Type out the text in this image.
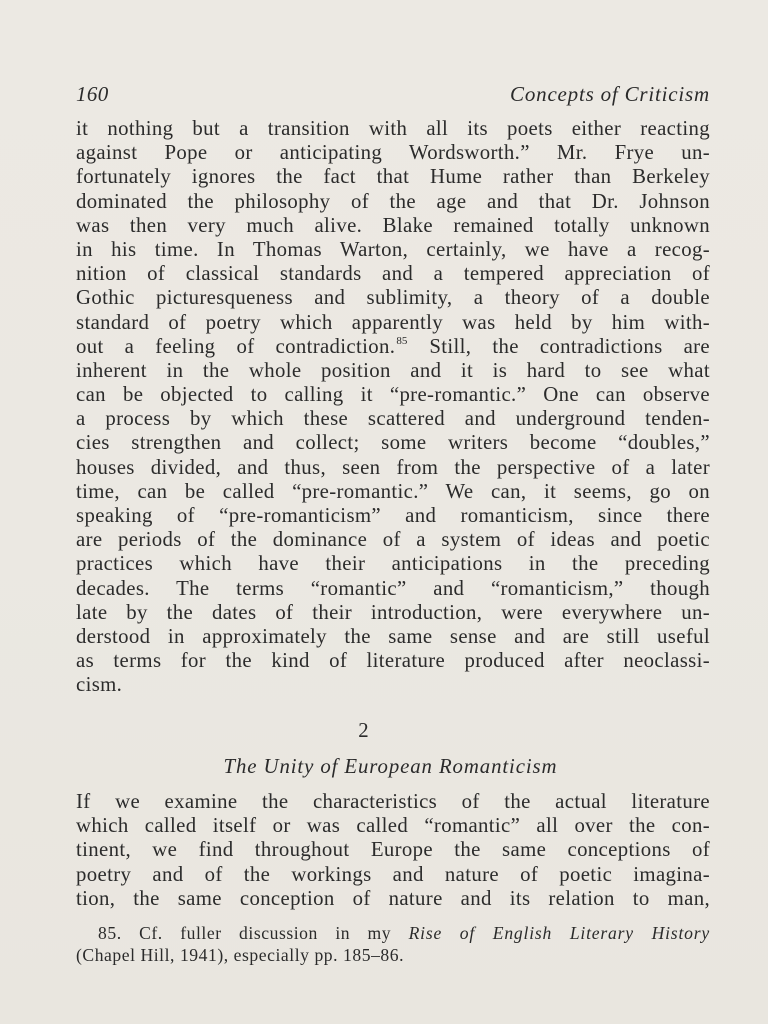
160	Concepts of Criticism
it nothing but a transition with all its poets either reacting
against Pope or anticipating Wordsworth.” Mr. Frye un-
fortunately ignores the fact that Hume rather than Berkeley
dominated the philosophy of the age and that Dr. Johnson
was then very much alive. Blake remained totally unknown
in his time. In Thomas Warton, certainly, we have a recog-
nition of classical standards and a tempered appreciation of
Gothic picturesqueness and sublimity, a theory of a double
standard of poetry which apparently was held by him with-
out a feeling of contradiction.$^{85}$ Still, the contradictions are
inherent in the whole position and it is hard to see what
can be objected to calling it “pre-romantic.” One can observe
a process by which these scattered and underground tenden-
cies strengthen and collect; some writers become “doubles,”
houses divided, and thus, seen from the perspective of a later
time, can be called “pre-romantic.” We can, it seems, go on
speaking of “pre-romanticism” and romanticism, since there
are periods of the dominance of a system of ideas and poetic
practices which have their anticipations in the preceding
decades. The terms “romantic” and “romanticism,” though
late by the dates of their introduction, were everywhere un-
derstood in approximately the same sense and are still useful
as terms for the kind of literature produced after neoclassi-
cism.
2
The Unity of European Romanticism
If we examine the characteristics of the actual literature
which called itself or was called “romantic” all over the con-
tinent, we find throughout Europe the same conceptions of
poetry and of the workings and nature of poetic imagina-
tion, the same conception of nature and its relation to man,
85. Cf. fuller discussion in my Rise of English Literary History
(Chapel Hill, 1941), especially pp. 185–86.
